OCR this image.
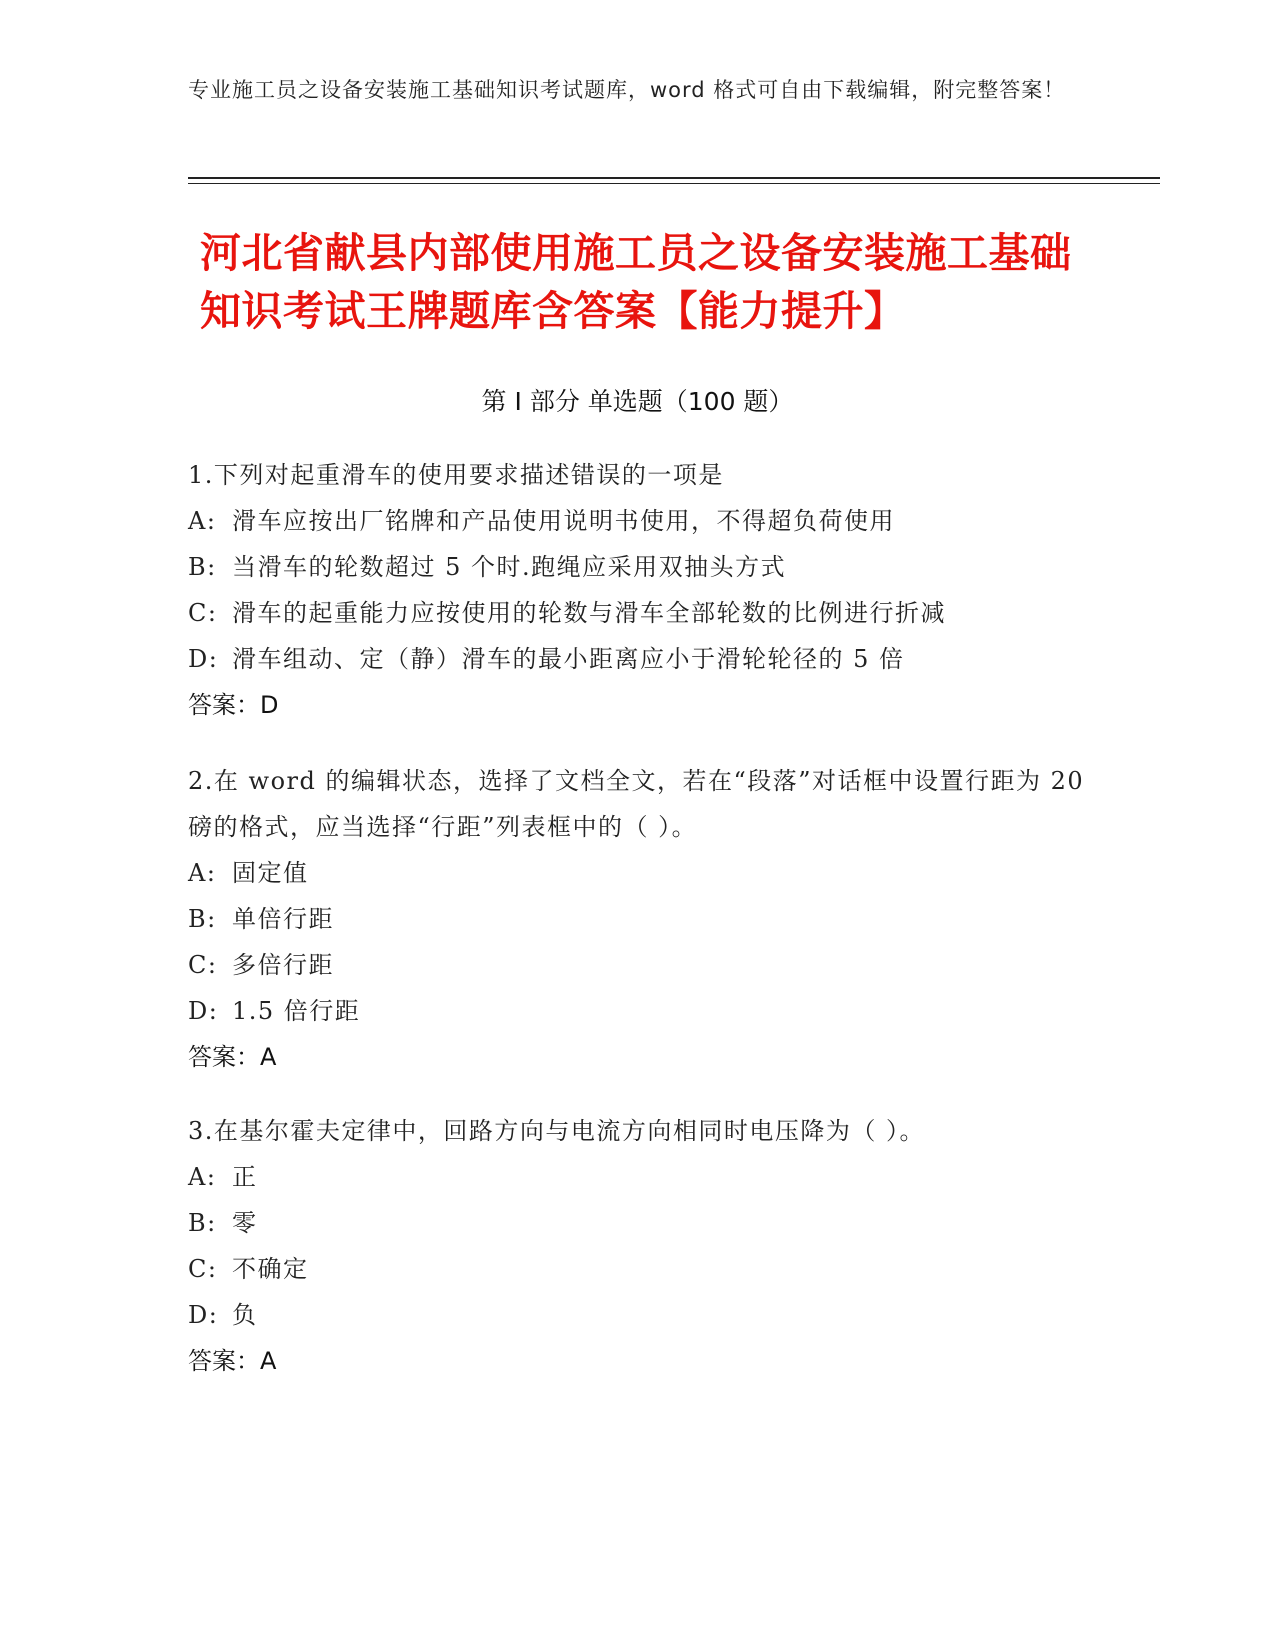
专业施工员之设备安装施工基础知识考试题库，word 格式可自由下载编辑，附完整答案！
河北省献县内部使用施工员之设备安装施工基础知识考试王牌题库含答案【能力提升】
第 I 部分 单选题（100 题）
1.下列对起重滑车的使用要求描述错误的一项是
A: 滑车应按出厂铭牌和产品使用说明书使用，不得超负荷使用
B: 当滑车的轮数超过 5 个时.跑绳应采用双抽头方式
C: 滑车的起重能力应按使用的轮数与滑车全部轮数的比例进行折减
D: 滑车组动、定（静）滑车的最小距离应小于滑轮轮径的 5 倍
答案：D
2.在 word 的编辑状态，选择了文档全文，若在“段落”对话框中设置行距为 20 磅的格式，应当选择“行距”列表框中的（ ）。
A: 固定值
B: 单倍行距
C: 多倍行距
D: 1.5 倍行距
答案：A
3.在基尔霍夫定律中，回路方向与电流方向相同时电压降为（ ）。
A: 正
B: 零
C: 不确定
D: 负
答案：A
